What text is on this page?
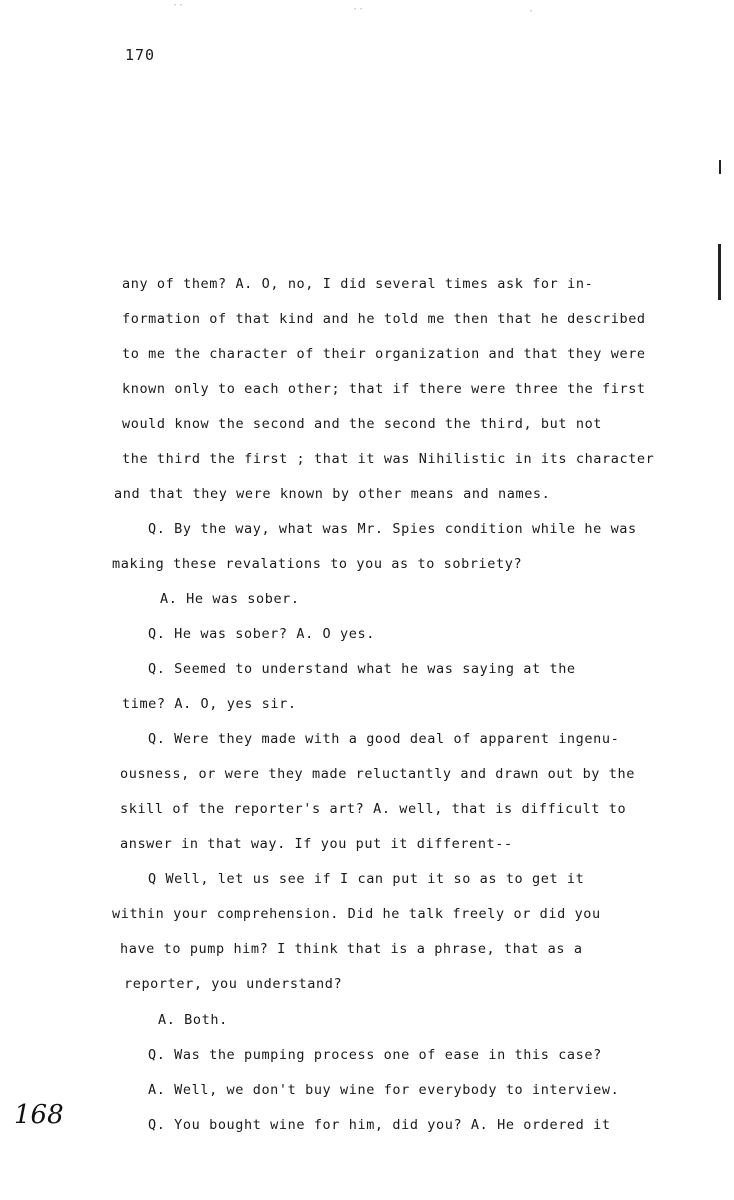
170
any of them? A. O, no, I did several times ask for in-
formation of that kind and he told me then that he described
to me the character of their organization and that they were
known only to each other; that if there were three the first
would know the second and the second the third, but not
the third the first ; that it was Nihilistic in its character
and that they were known by other means and names.
Q. By the way, what was Mr. Spies condition while he was
making these revalations to you as to sobriety?
A. He was sober.
Q. He was sober? A. O yes.
Q. Seemed to understand what he was saying at the
time? A. O, yes sir.
Q. Were they made with a good deal of apparent ingenu-
ousness, or were they made reluctantly and drawn out by the
skill of the reporter's art? A. well, that is difficult to
answer in that way. If you put it different--
Q Well, let us see if I can put it so as to get it
within your comprehension. Did he talk freely or did you
have to pump him? I think that is a phrase, that as a
reporter, you understand?
A. Both.
Q. Was the pumping process one of ease in this case?
A. Well, we don't buy wine for everybody to interview.
Q. You bought wine for him, did you? A. He ordered it
168
··	··	·
